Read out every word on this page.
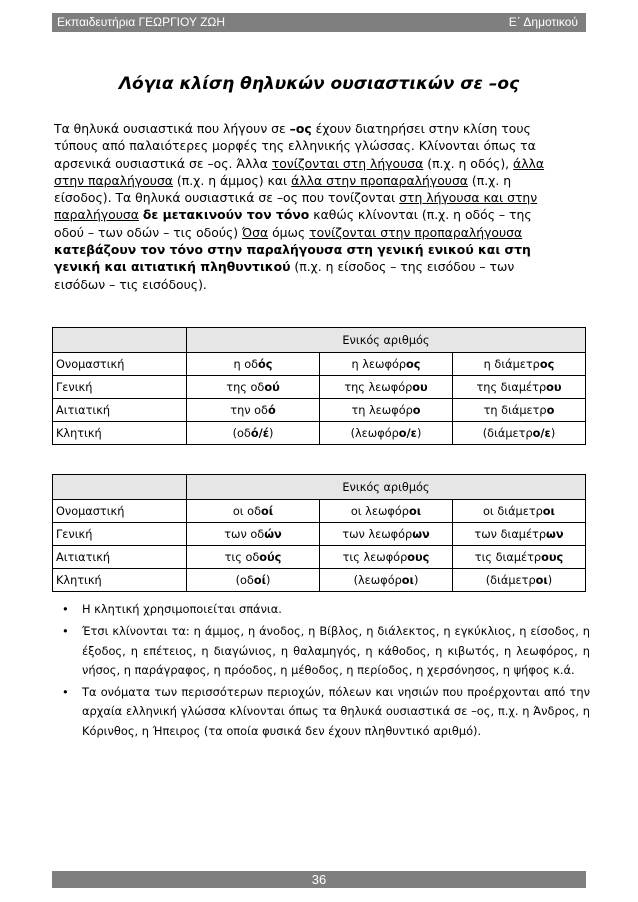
Εκπαιδευτήρια ΓΕΩΡΓΙΟΥ ΖΩΗ	Ε΄ Δημοτικού
Λόγια κλίση θηλυκών ουσιαστικών σε –ος
Τα θηλυκά ουσιαστικά που λήγουν σε –ος έχουν διατηρήσει στην κλίση τους τύπους από παλαιότερες μορφές της ελληνικής γλώσσας. Κλίνονται όπως τα αρσενικά ουσιαστικά σε –ος. Άλλα τονίζονται στη λήγουσα (π.χ. η οδός), άλλα στην παραλήγουσα (π.χ. η άμμος) και άλλα στην προπαραλήγουσα (π.χ. η είσοδος). Τα θηλυκά ουσιαστικά σε –ος που τονίζονται στη λήγουσα και στην παραλήγουσα δε μετακινούν τον τόνο καθώς κλίνονται (π.χ. η οδός – της οδού – των οδών – τις οδούς) Όσα όμως τονίζονται στην προπαραλήγουσα κατεβάζουν τον τόνο στην παραλήγουσα στη γενική ενικού και στη γενική και αιτιατική πληθυντικού (π.χ. η είσοδος – της εισόδου – των εισόδων – τις εισόδους).
	Ενικός αριθμός		
Ονομαστική	η οδός	η λεωφόρος	η διάμετρος
Γενική	της οδού	της λεωφόρου	της διαμέτρου
Αιτιατική	την οδό	τη λεωφόρο	τη διάμετρο
Κλητική	(οδό/έ)	(λεωφόρο/ε)	(διάμετρο/ε)
	Ενικός αριθμός		
Ονομαστική	οι οδοί	οι λεωφόροι	οι διάμετροι
Γενική	των οδών	των λεωφόρων	των διαμέτρων
Αιτιατική	τις οδούς	τις λεωφόρους	τις διαμέτρους
Κλητική	(οδοί)	(λεωφόροι)	(διάμετροι)
• Η κλητική χρησιμοποιείται σπάνια.
• Έτσι κλίνονται τα: η άμμος, η άνοδος, η Βίβλος, η διάλεκτος, η εγκύκλιος, η είσοδος, η έξοδος, η επέτειος, η διαγώνιος, η θαλαμηγός, η κάθοδος, η κιβωτός, η λεωφόρος, η νήσος, η παράγραφος, η πρόοδος, η μέθοδος, η περίοδος, η χερσόνησος, η ψήφος κ.ά.
• Τα ονόματα των περισσότερων περιοχών, πόλεων και νησιών που προέρχονται από την αρχαία ελληνική γλώσσα κλίνονται όπως τα θηλυκά ουσιαστικά σε –ος, π.χ. η Άνδρος, η Κόρινθος, η Ήπειρος (τα οποία φυσικά δεν έχουν πληθυντικό αριθμό).
36
